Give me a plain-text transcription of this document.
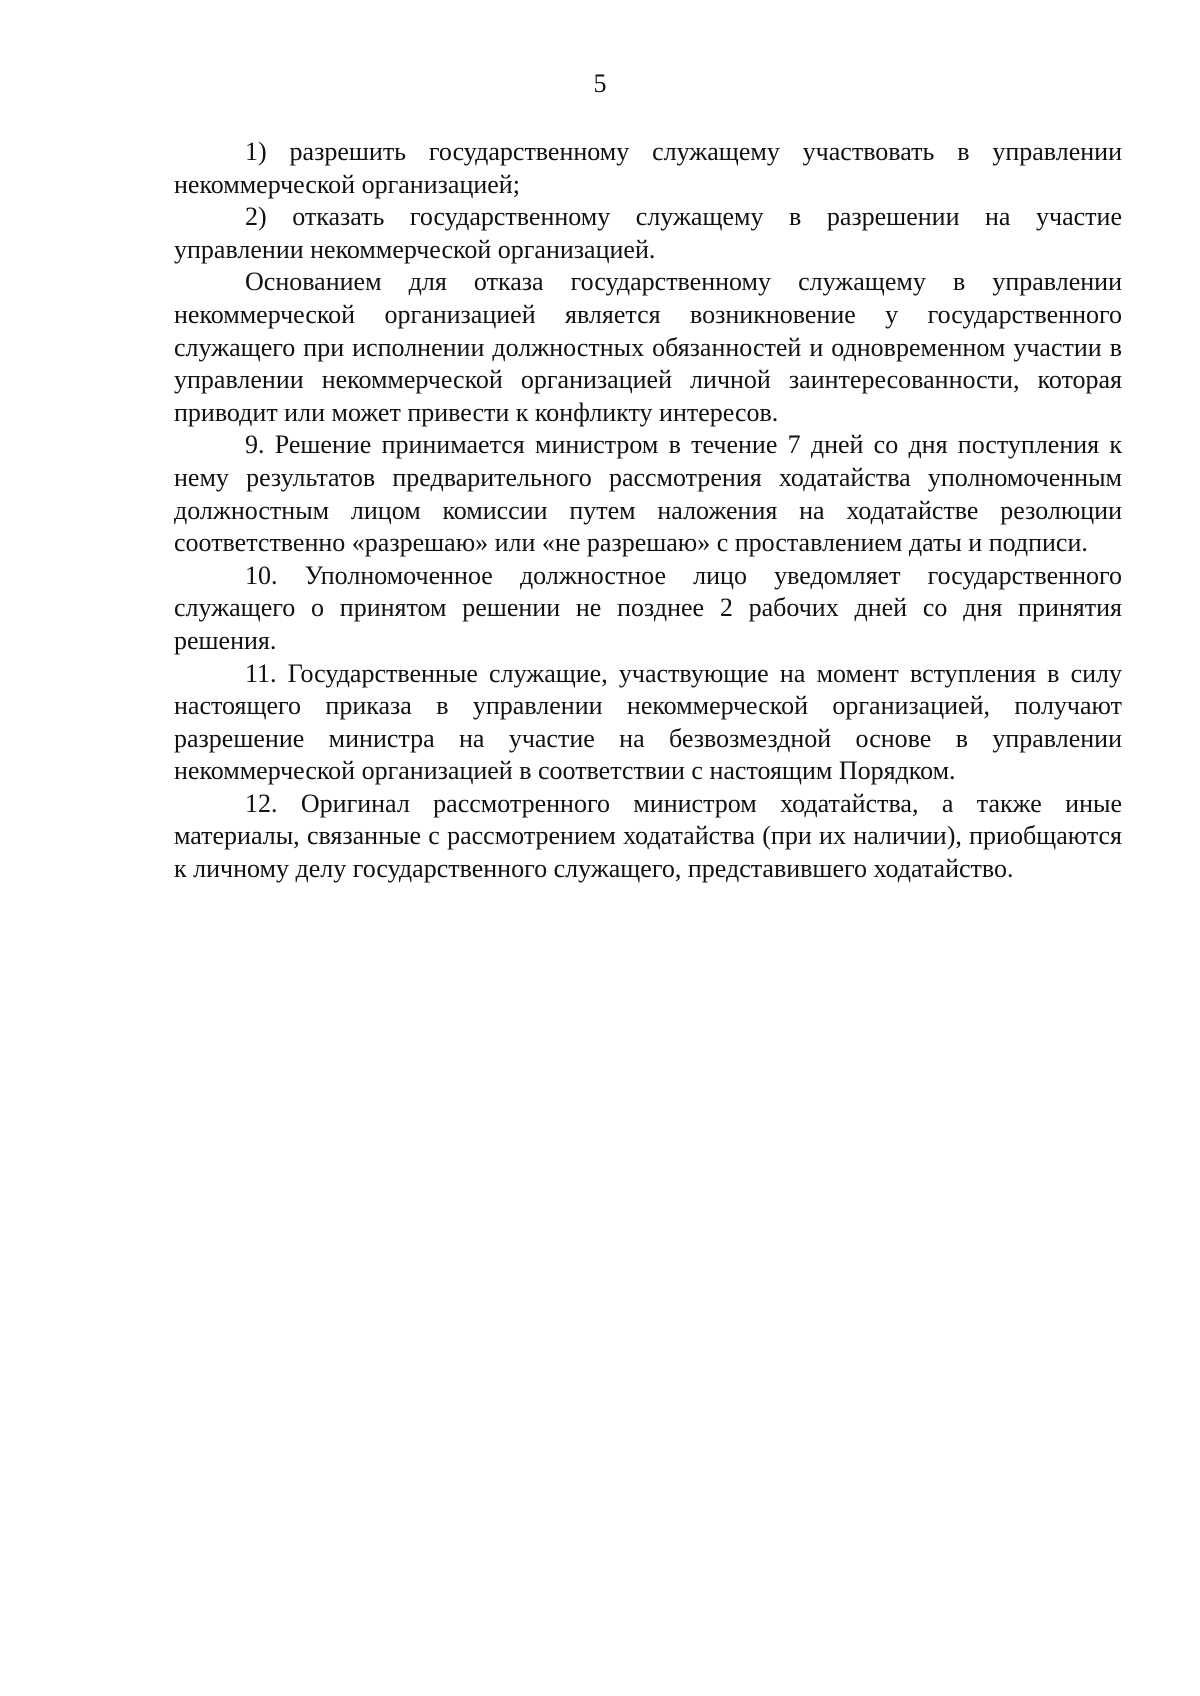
5

1) разрешить государственному служащему участвовать в управлении некоммерческой организацией;

2) отказать государственному служащему в разрешении на участие управлении некоммерческой организацией.

Основанием для отказа государственному служащему в управлении некоммерческой организацией является возникновение у государственного служащего при исполнении должностных обязанностей и одновременном участии в управлении некоммерческой организацией личной заинтересованности, которая приводит или может привести к конфликту интересов.

9. Решение принимается министром в течение 7 дней со дня поступления к нему результатов предварительного рассмотрения ходатайства уполномоченным должностным лицом комиссии путем наложения на ходатайстве резолюции соответственно «разрешаю» или «не разрешаю» с проставлением даты и подписи.

10. Уполномоченное должностное лицо уведомляет государственного служащего о принятом решении не позднее 2 рабочих дней со дня принятия решения.

11. Государственные служащие, участвующие на момент вступления в силу настоящего приказа в управлении некоммерческой организацией, получают разрешение министра на участие на безвозмездной основе в управлении некоммерческой организацией в соответствии с настоящим Порядком.

12. Оригинал рассмотренного министром ходатайства, а также иные материалы, связанные с рассмотрением ходатайства (при их наличии), приобщаются к личному делу государственного служащего, представившего ходатайство.
